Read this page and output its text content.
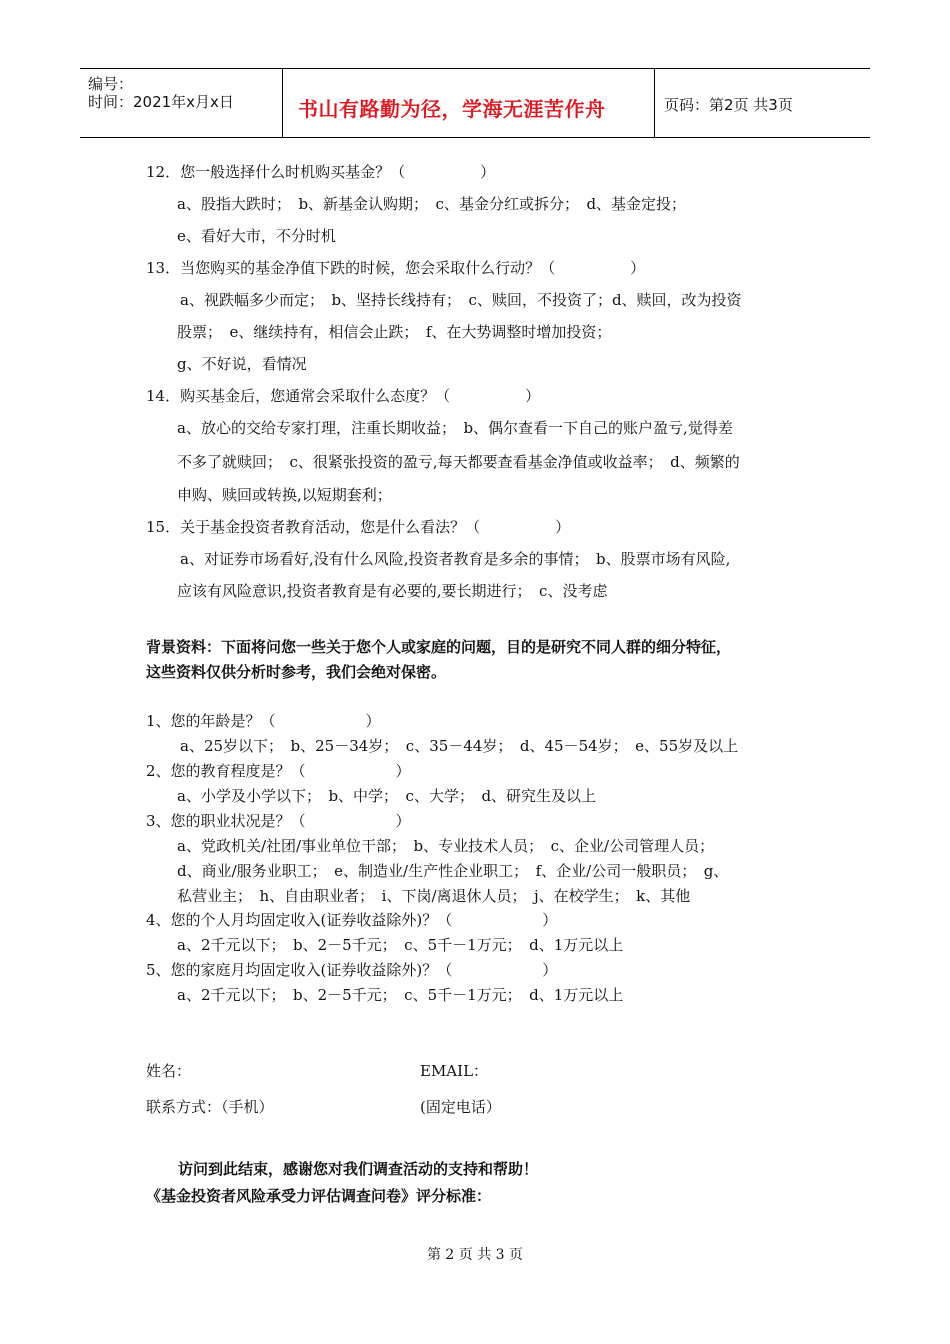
编号：
时间：2021年x月x日	书山有路勤为径，学海无涯苦作舟	页码：第2页 共3页
12．您一般选择什么时机购买基金？（　　　　　）
a、股指大跌时；　b、新基金认购期；　c、基金分红或拆分；　d、基金定投；
e、看好大市，不分时机
13．当您购买的基金净值下跌的时候，您会采取什么行动？（　　　　　）
a、视跌幅多少而定；　b、坚持长线持有；　c、赎回，不投资了；d、赎回，改为投资
股票；　e、继续持有，相信会止跌；　f、在大势调整时增加投资；
g、不好说，看情况
14．购买基金后，您通常会采取什么态度？（　　　　　）
a、放心的交给专家打理，注重长期收益；　b、偶尔查看一下自己的账户盈亏,觉得差
不多了就赎回；　c、很紧张投资的盈亏,每天都要查看基金净值或收益率；　d、频繁的
申购、赎回或转换,以短期套利；
15．关于基金投资者教育活动，您是什么看法？（　　　　　）
a、对证券市场看好,没有什么风险,投资者教育是多余的事情；　b、股票市场有风险,
应该有风险意识,投资者教育是有必要的,要长期进行；　c、没考虑
背景资料：下面将问您一些关于您个人或家庭的问题，目的是研究不同人群的细分特征，
这些资料仅供分析时参考，我们会绝对保密。
1、您的年龄是？（　　　　　　）
a、25岁以下；　b、25－34岁；　c、35－44岁；　d、45－54岁；　e、55岁及以上
2、您的教育程度是？（　　　　　　）
a、小学及小学以下；　b、中学；　c、大学；　d、研究生及以上
3、您的职业状况是？（　　　　　　）
a、党政机关/社团/事业单位干部；　b、专业技术人员；　c、企业/公司管理人员；
d、商业/服务业职工；　e、制造业/生产性企业职工；　f、企业/公司一般职员；　g、
私营业主；　h、自由职业者；　i、下岗/离退休人员；　j、在校学生；　k、其他
4、您的个人月均固定收入(证券收益除外)？（　　　　　　）
a、2千元以下；　b、2－5千元；　c、5千－1万元；　d、1万元以上
5、您的家庭月均固定收入(证券收益除外)？（　　　　　　）
a、2千元以下；　b、2－5千元；　c、5千－1万元；　d、1万元以上
姓名：	EMAIL：
联系方式：（手机）	(固定电话）
访问到此结束，感谢您对我们调查活动的支持和帮助！
《基金投资者风险承受力评估调查问卷》评分标准：
第 2 页 共 3 页
